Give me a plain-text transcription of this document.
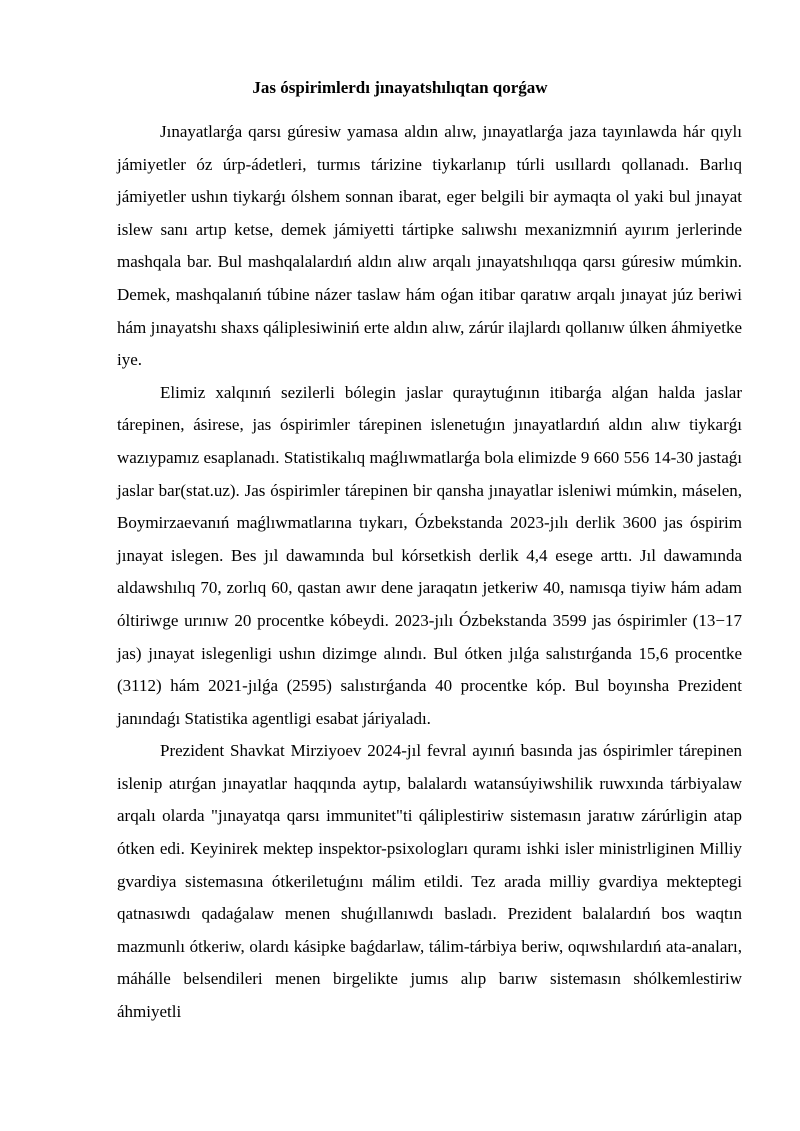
Jas óspirimlerdı jınayatshılıqtan qorǵaw

Jınayatlarǵa qarsı gúresiw yamasa aldın alıw, jınayatlarǵa jaza tayınlawda hár qıylı jámiyetler óz úrp-ádetleri, turmıs tárizine tiykarlanıp túrli usıllardı qollanadı. Barlıq jámiyetler ushın tiykarǵı ólshem sonnan ibarat, eger belgili bir aymaqta ol yaki bul jınayat islew sanı artıp ketse, demek jámiyetti tártipke salıwshı mexanizmniń ayırım jerlerinde mashqala bar. Bul mashqalalardıń aldın alıw arqalı jınayatshılıqqa qarsı gúresiw múmkin. Demek, mashqalanıń túbine názer taslaw hám oǵan itibar qaratıw arqalı jınayat júz beriwi hám jınayatshı shaxs qáliplesiwiniń erte aldın alıw, zárúr ilajlardı qollanıw úlken áhmiyetke iye.

Elimiz xalqınıń sezilerli bólegin jaslar quraytuǵının itibarǵa alǵan halda jaslar tárepinen, ásirese, jas óspirimler tárepinen islenetuǵın jınayatlardıń aldın alıw tiykarǵı wazıypamız esaplanadı. Statistikalıq maǵlıwmatlarǵa bola elimizde 9 660 556 14-30 jastaǵı jaslar bar(stat.uz). Jas óspirimler tárepinen bir qansha jınayatlar isleniwi múmkin, máselen, Boymirzaevanıń maǵlıwmatlarına tıykarı, Ózbekstanda 2023-jılı derlik 3600 jas óspirim jınayat islegen. Bes jıl dawamında bul kórsetkish derlik 4,4 esege arttı. Jıl dawamında aldawshılıq 70, zorlıq 60, qastan awır dene jaraqatın jetkeriw 40, namısqa tiyiw hám adam óltiriwge urınıw 20 procentke kóbeydi. 2023-jılı Ózbekstanda 3599 jas óspirimler (13−17 jas) jınayat islegenligi ushın dizimge alındı. Bul ótken jılǵa salıstırǵanda 15,6 procentke (3112) hám 2021-jılǵa (2595) salıstırǵanda 40 procentke kóp. Bul boyınsha Prezident janındaǵı Statistika agentligi esabat járiyaladı.

Prezident Shavkat Mirziyoev 2024-jıl fevral ayınıń basında jas óspirimler tárepinen islenip atırǵan jınayatlar haqqında aytıp, balalardı watansúyiwshilik ruwxında tárbiyalaw arqalı olarda "jınayatqa qarsı immunitet"ti qáliplestiriw sistemasın jaratıw zárúrligin atap ótken edi. Keyinirek mektep inspektor-psixologları quramı ishki isler ministrliginen Milliy gvardiya sistemasına ótkeriletuǵını málim etildi. Tez arada milliy gvardiya mekteptegi qatnasıwdı qadaǵalaw menen shuǵıllanıwdı basladı. Prezident balalardıń bos waqtın mazmunlı ótkeriw, olardı kásipke baǵdarlaw, tálim-tárbiya beriw, oqıwshılardıń ata-anaları, máhálle belsendileri menen birgelikte jumıs alıp barıw sistemasın shólkemlestiriw áhmiyetli
